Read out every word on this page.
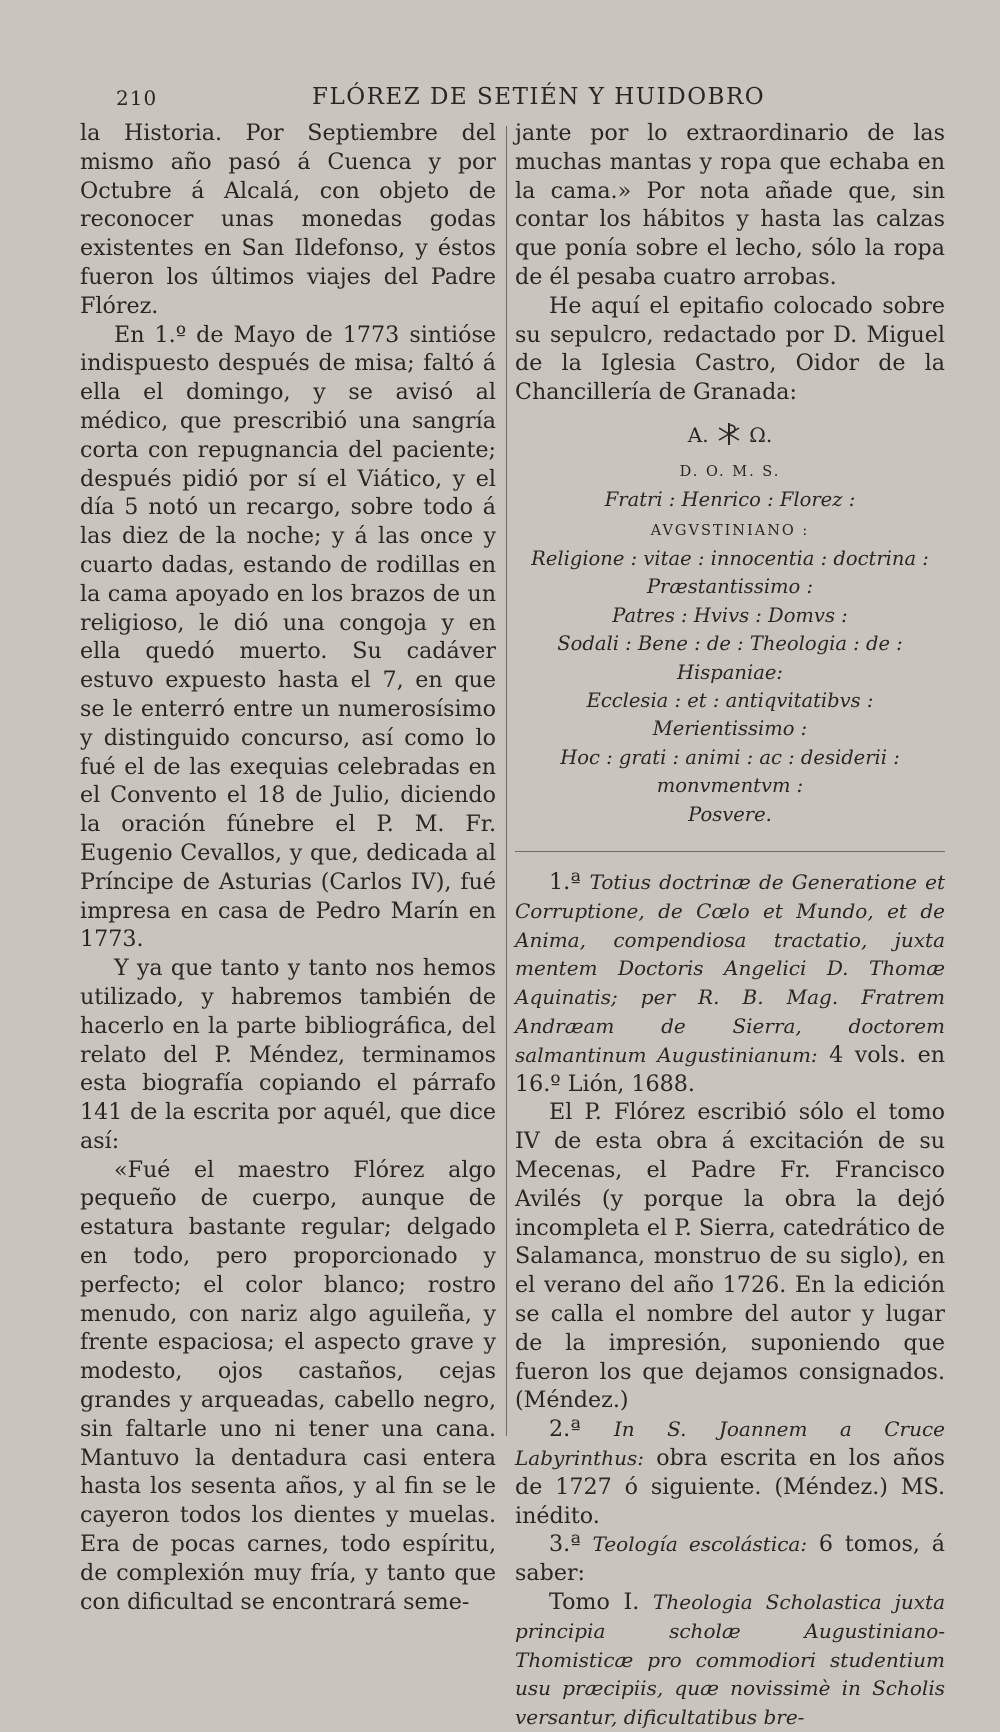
210	FLÓREZ DE SETIÉN Y HUIDOBRO

la Historia. Por Septiembre del mismo año pasó á Cuenca y por Octubre á Alcalá, con objeto de reconocer unas monedas godas existentes en San Ildefonso, y éstos fueron los últimos viajes del Padre Flórez.

En 1.º de Mayo de 1773 sintióse indispuesto después de misa; faltó á ella el domingo, y se avisó al médico, que prescribió una sangría corta con repugnancia del paciente; después pidió por sí el Viático, y el día 5 notó un recargo, sobre todo á las diez de la noche; y á las once y cuarto dadas, estando de rodillas en la cama apoyado en los brazos de un religioso, le dió una congoja y en ella quedó muerto. Su cadáver estuvo expuesto hasta el 7, en que se le enterró entre un numerosísimo y distinguido concurso, así como lo fué el de las exequias celebradas en el Convento el 18 de Julio, diciendo la oración fúnebre el P. M. Fr. Eugenio Cevallos, y que, dedicada al Príncipe de Asturias (Carlos IV), fué impresa en casa de Pedro Marín en 1773.

Y ya que tanto y tanto nos hemos utilizado, y habremos también de hacerlo en la parte bibliográfica, del relato del P. Méndez, terminamos esta biografía copiando el párrafo 141 de la escrita por aquél, que dice así:

«Fué el maestro Flórez algo pequeño de cuerpo, aunque de estatura bastante regular; delgado en todo, pero proporcionado y perfecto; el color blanco; rostro menudo, con nariz algo aguileña, y frente espaciosa; el aspecto grave y modesto, ojos castaños, cejas grandes y arqueadas, cabello negro, sin faltarle uno ni tener una cana. Mantuvo la dentadura casi entera hasta los sesenta años, y al fin se le cayeron todos los dientes y muelas. Era de pocas carnes, todo espíritu, de complexión muy fría, y tanto que con dificultad se encontrará seme-

jante por lo extraordinario de las muchas mantas y ropa que echaba en la cama.» Por nota añade que, sin contar los hábitos y hasta las calzas que ponía sobre el lecho, sólo la ropa de él pesaba cuatro arrobas.

He aquí el epitafio colocado sobre su sepulcro, redactado por D. Miguel de la Iglesia Castro, Oidor de la Chancillería de Granada:

A. Ω.

D. O. M. S.

Fratri : Henrico : Florez :

AVGVSTINIANO :

Religione : vitae : innocentia : doctrina :

Præstantissimo :

Patres : Hvivs : Domvs :

Sodali : Bene : de : Theologia : de : Hispaniae:

Ecclesia : et : antiqvitatibvs :

Merientissimo :

Hoc : grati : animi : ac : desiderii : monvmentvm :

Posvere.

1.ª Totius doctrinæ de Generatione et Corruptione, de Cœlo et Mundo, et de Anima, compendiosa tractatio, juxta mentem Doctoris Angelici D. Thomæ Aquinatis; per R. B. Mag. Fratrem Andræam de Sierra, doctorem salmantinum Augustinianum: 4 vols. en 16.º Lión, 1688.

El P. Flórez escribió sólo el tomo IV de esta obra á excitación de su Mecenas, el Padre Fr. Francisco Avilés (y porque la obra la dejó incompleta el P. Sierra, catedrático de Salamanca, monstruo de su siglo), en el verano del año 1726. En la edición se calla el nombre del autor y lugar de la impresión, suponiendo que fueron los que dejamos consignados. (Méndez.)

2.ª In S. Joannem a Cruce Labyrinthus: obra escrita en los años de 1727 ó siguiente. (Méndez.) MS. inédito.

3.ª Teología escolástica: 6 tomos, á saber:

Tomo I. Theologia Scholastica juxta principia scholæ Augustiniano-Thomisticæ pro commodiori studentium usu præcipiis, quæ novissimè in Scholis versantur, dificultatibus bre-
